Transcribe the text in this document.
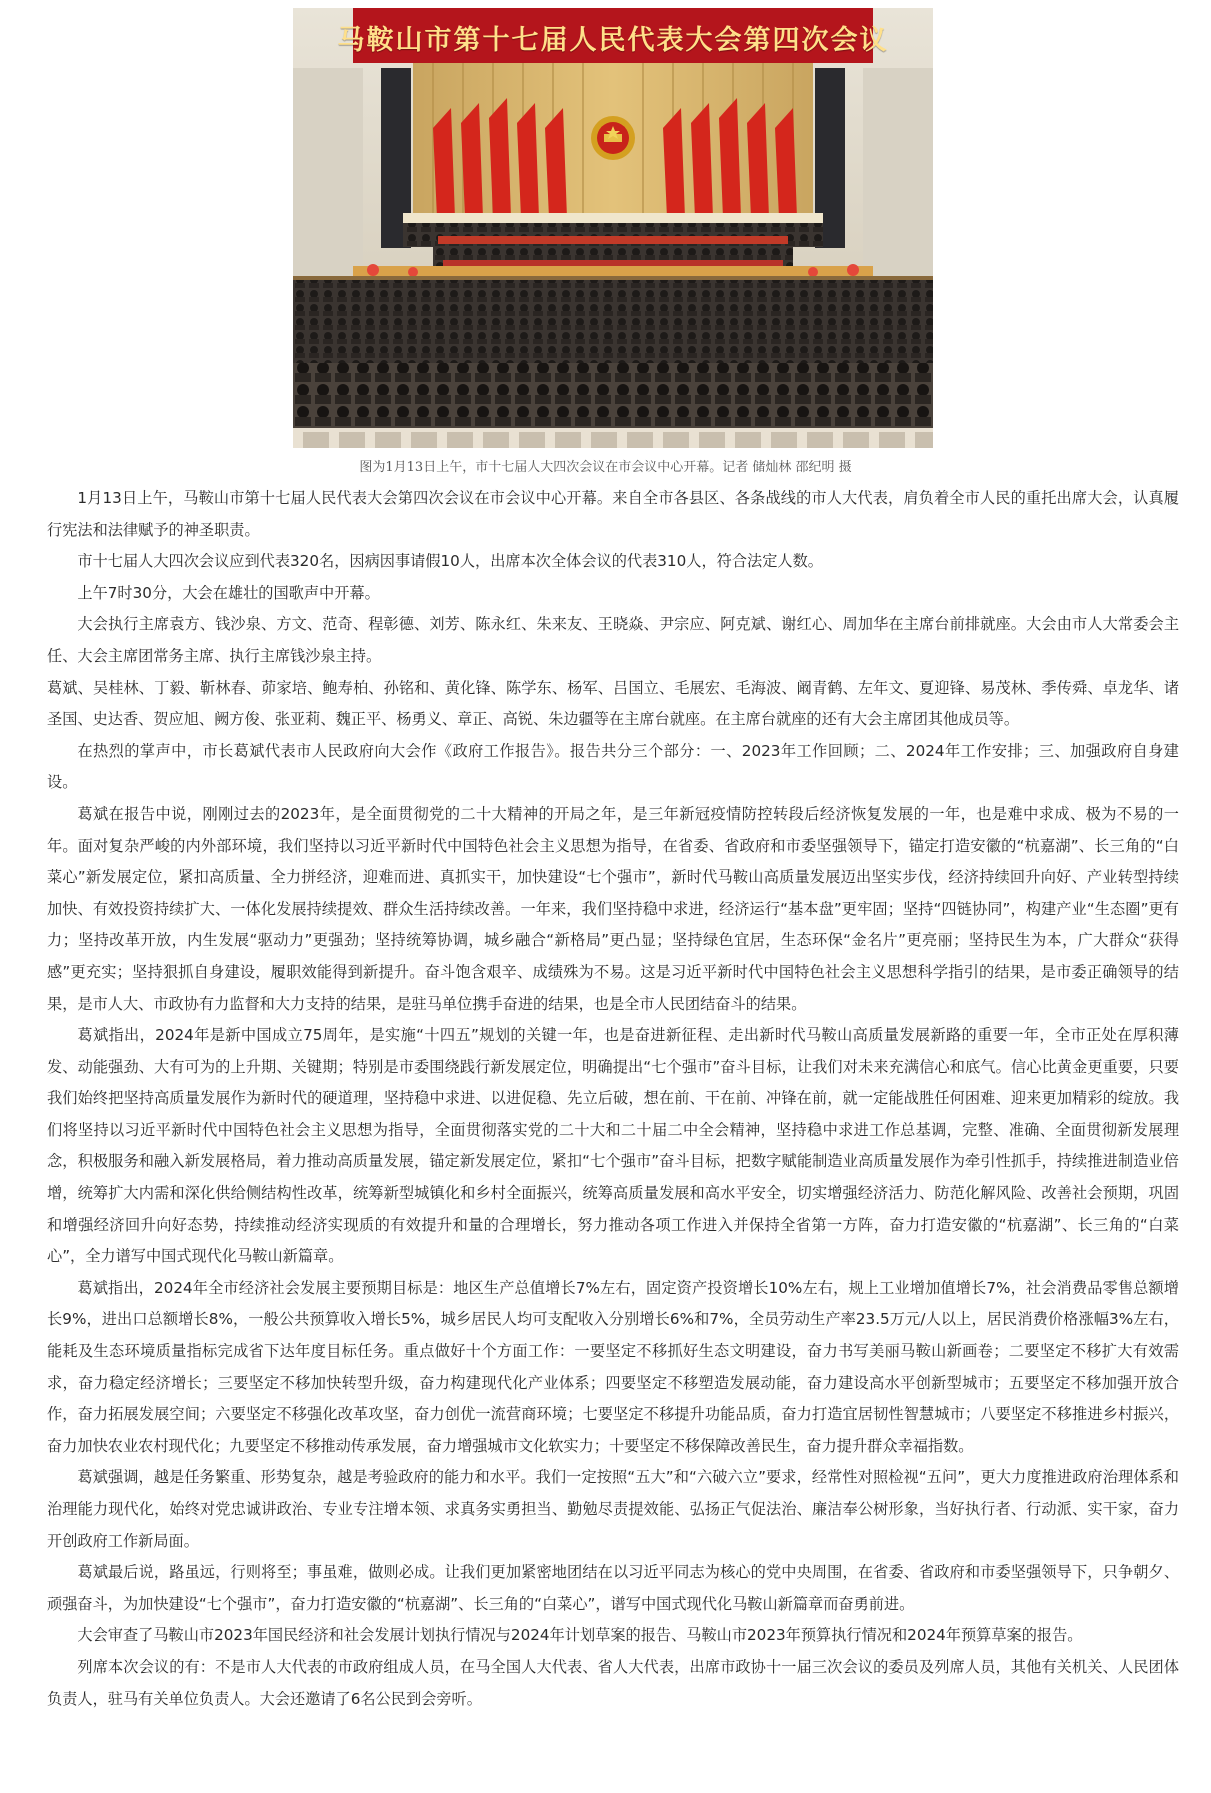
马鞍山市第十七届人民代表大会第四次会议
图为1月13日上午，市十七届人大四次会议在市会议中心开幕。记者 储灿林 邵纪明 摄

1月13日上午，马鞍山市第十七届人民代表大会第四次会议在市会议中心开幕。来自全市各县区、各条战线的市人大代表，肩负着全市人民的重托出席大会，认真履行宪法和法律赋予的神圣职责。

市十七届人大四次会议应到代表320名，因病因事请假10人，出席本次全体会议的代表310人，符合法定人数。

上午7时30分，大会在雄壮的国歌声中开幕。

大会执行主席袁方、钱沙泉、方文、范奇、程彰德、刘芳、陈永红、朱来友、王晓焱、尹宗应、阿克斌、谢红心、周加华在主席台前排就座。大会由市人大常委会主任、大会主席团常务主席、执行主席钱沙泉主持。

葛斌、吴桂林、丁毅、靳林春、茆家培、鲍寿柏、孙铭和、黄化锋、陈学东、杨军、吕国立、毛展宏、毛海波、阚青鹤、左年文、夏迎锋、易茂林、季传舜、卓龙华、诸圣国、史达香、贺应旭、阙方俊、张亚莉、魏正平、杨勇义、章正、高锐、朱边疆等在主席台就座。在主席台就座的还有大会主席团其他成员等。

在热烈的掌声中，市长葛斌代表市人民政府向大会作《政府工作报告》。报告共分三个部分：一、2023年工作回顾；二、2024年工作安排；三、加强政府自身建设。

葛斌在报告中说，刚刚过去的2023年，是全面贯彻党的二十大精神的开局之年，是三年新冠疫情防控转段后经济恢复发展的一年，也是难中求成、极为不易的一年。面对复杂严峻的内外部环境，我们坚持以习近平新时代中国特色社会主义思想为指导，在省委、省政府和市委坚强领导下，锚定打造安徽的“杭嘉湖”、长三角的“白菜心”新发展定位，紧扣高质量、全力拼经济，迎难而进、真抓实干，加快建设“七个强市”，新时代马鞍山高质量发展迈出坚实步伐，经济持续回升向好、产业转型持续加快、有效投资持续扩大、一体化发展持续提效、群众生活持续改善。一年来，我们坚持稳中求进，经济运行“基本盘”更牢固；坚持“四链协同”，构建产业“生态圈”更有力；坚持改革开放，内生发展“驱动力”更强劲；坚持统筹协调，城乡融合“新格局”更凸显；坚持绿色宜居，生态环保“金名片”更亮丽；坚持民生为本，广大群众“获得感”更充实；坚持狠抓自身建设，履职效能得到新提升。奋斗饱含艰辛、成绩殊为不易。这是习近平新时代中国特色社会主义思想科学指引的结果，是市委正确领导的结果，是市人大、市政协有力监督和大力支持的结果，是驻马单位携手奋进的结果，也是全市人民团结奋斗的结果。

葛斌指出，2024年是新中国成立75周年，是实施“十四五”规划的关键一年，也是奋进新征程、走出新时代马鞍山高质量发展新路的重要一年，全市正处在厚积薄发、动能强劲、大有可为的上升期、关键期；特别是市委围绕践行新发展定位，明确提出“七个强市”奋斗目标，让我们对未来充满信心和底气。信心比黄金更重要，只要我们始终把坚持高质量发展作为新时代的硬道理，坚持稳中求进、以进促稳、先立后破，想在前、干在前、冲锋在前，就一定能战胜任何困难、迎来更加精彩的绽放。我们将坚持以习近平新时代中国特色社会主义思想为指导，全面贯彻落实党的二十大和二十届二中全会精神，坚持稳中求进工作总基调，完整、准确、全面贯彻新发展理念，积极服务和融入新发展格局，着力推动高质量发展，锚定新发展定位，紧扣“七个强市”奋斗目标，把数字赋能制造业高质量发展作为牵引性抓手，持续推进制造业倍增，统筹扩大内需和深化供给侧结构性改革，统筹新型城镇化和乡村全面振兴，统筹高质量发展和高水平安全，切实增强经济活力、防范化解风险、改善社会预期，巩固和增强经济回升向好态势，持续推动经济实现质的有效提升和量的合理增长，努力推动各项工作进入并保持全省第一方阵，奋力打造安徽的“杭嘉湖”、长三角的“白菜心”，全力谱写中国式现代化马鞍山新篇章。

葛斌指出，2024年全市经济社会发展主要预期目标是：地区生产总值增长7%左右，固定资产投资增长10%左右，规上工业增加值增长7%，社会消费品零售总额增长9%，进出口总额增长8%，一般公共预算收入增长5%，城乡居民人均可支配收入分别增长6%和7%，全员劳动生产率23.5万元/人以上，居民消费价格涨幅3%左右，能耗及生态环境质量指标完成省下达年度目标任务。重点做好十个方面工作：一要坚定不移抓好生态文明建设，奋力书写美丽马鞍山新画卷；二要坚定不移扩大有效需求，奋力稳定经济增长；三要坚定不移加快转型升级，奋力构建现代化产业体系；四要坚定不移塑造发展动能，奋力建设高水平创新型城市；五要坚定不移加强开放合作，奋力拓展发展空间；六要坚定不移强化改革攻坚，奋力创优一流营商环境；七要坚定不移提升功能品质，奋力打造宜居韧性智慧城市；八要坚定不移推进乡村振兴，奋力加快农业农村现代化；九要坚定不移推动传承发展，奋力增强城市文化软实力；十要坚定不移保障改善民生，奋力提升群众幸福指数。

葛斌强调，越是任务繁重、形势复杂，越是考验政府的能力和水平。我们一定按照“五大”和“六破六立”要求，经常性对照检视“五问”，更大力度推进政府治理体系和治理能力现代化，始终对党忠诚讲政治、专业专注增本领、求真务实勇担当、勤勉尽责提效能、弘扬正气促法治、廉洁奉公树形象，当好执行者、行动派、实干家，奋力开创政府工作新局面。

葛斌最后说，路虽远，行则将至；事虽难，做则必成。让我们更加紧密地团结在以习近平同志为核心的党中央周围，在省委、省政府和市委坚强领导下，只争朝夕、顽强奋斗，为加快建设“七个强市”，奋力打造安徽的“杭嘉湖”、长三角的“白菜心”，谱写中国式现代化马鞍山新篇章而奋勇前进。

大会审查了马鞍山市2023年国民经济和社会发展计划执行情况与2024年计划草案的报告、马鞍山市2023年预算执行情况和2024年预算草案的报告。

列席本次会议的有：不是市人大代表的市政府组成人员，在马全国人大代表、省人大代表，出席市政协十一届三次会议的委员及列席人员，其他有关机关、人民团体负责人，驻马有关单位负责人。大会还邀请了6名公民到会旁听。
